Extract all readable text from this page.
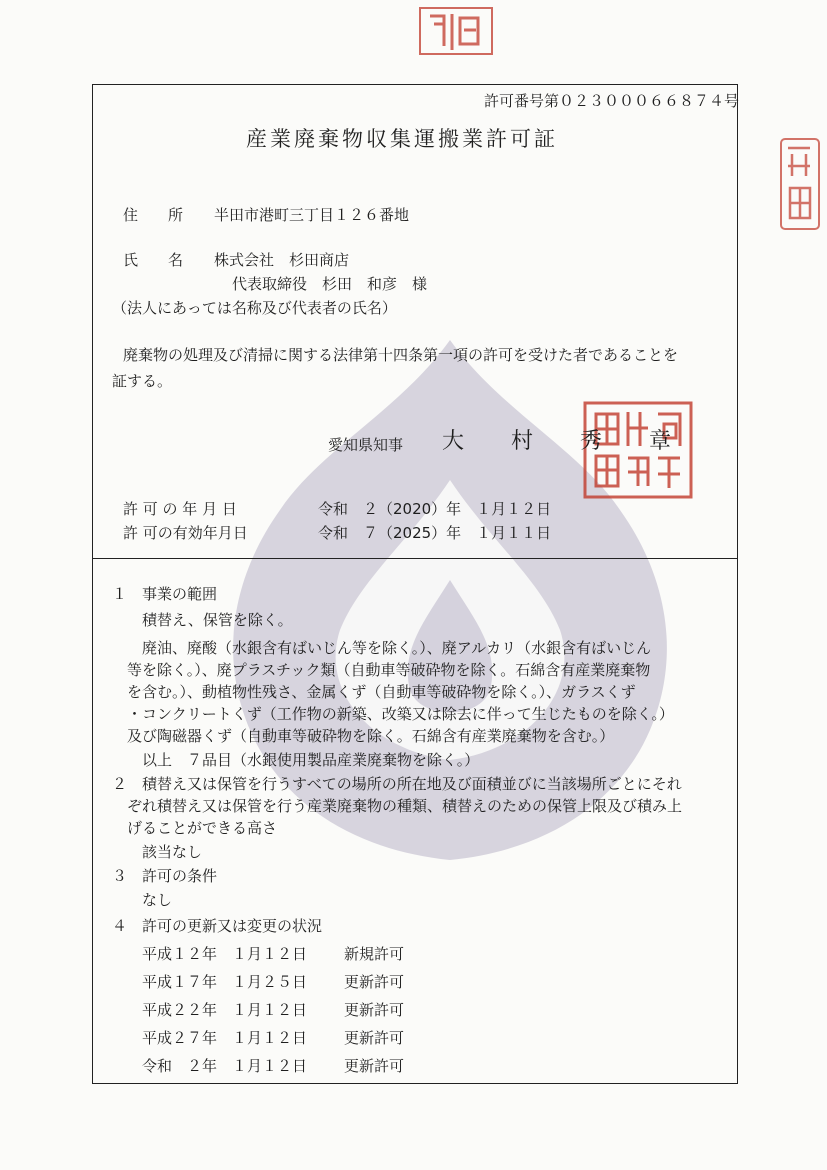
許可番号第０２３０００６６８７４号
産業廃棄物収集運搬業許可証
住　　所 半田市港町三丁目１２６番地
氏　　名 株式会社　杉田商店
代表取締役　杉田　和彦　様
（法人にあっては名称及び代表者の氏名）
廃棄物の処理及び清掃に関する法律第十四条第一項の許可を受けた者であることを
証する。
愛知県知事 大 村 秀 章
許 可 の 年 月 日	令和　２（2020）年　１月１２日
許 可の有効年月日	令和　７（2025）年　１月１１日
１ 事業の範囲
積替え、保管を除く。
廃油、廃酸（水銀含有ばいじん等を除く。）、廃アルカリ（水銀含有ばいじん
等を除く。）、廃プラスチック類（自動車等破砕物を除く。石綿含有産業廃棄物
を含む。）、動植物性残さ、金属くず（自動車等破砕物を除く。）、ガラスくず
・コンクリートくず（工作物の新築、改築又は除去に伴って生じたものを除く。）
及び陶磁器くず（自動車等破砕物を除く。石綿含有産業廃棄物を含む。）
以上　７品目（水銀使用製品産業廃棄物を除く。）
２ 積替え又は保管を行うすべての場所の所在地及び面積並びに当該場所ごとにそれ
ぞれ積替え又は保管を行う産業廃棄物の種類、積替えのための保管上限及び積み上
げることができる高さ
該当なし
３ 許可の条件
なし
４ 許可の更新又は変更の状況
平成１２年　１月１２日 新規許可
平成１７年　１月２５日 更新許可
平成２２年　１月１２日 更新許可
平成２７年　１月１２日 更新許可
令和　２年　１月１２日 更新許可
